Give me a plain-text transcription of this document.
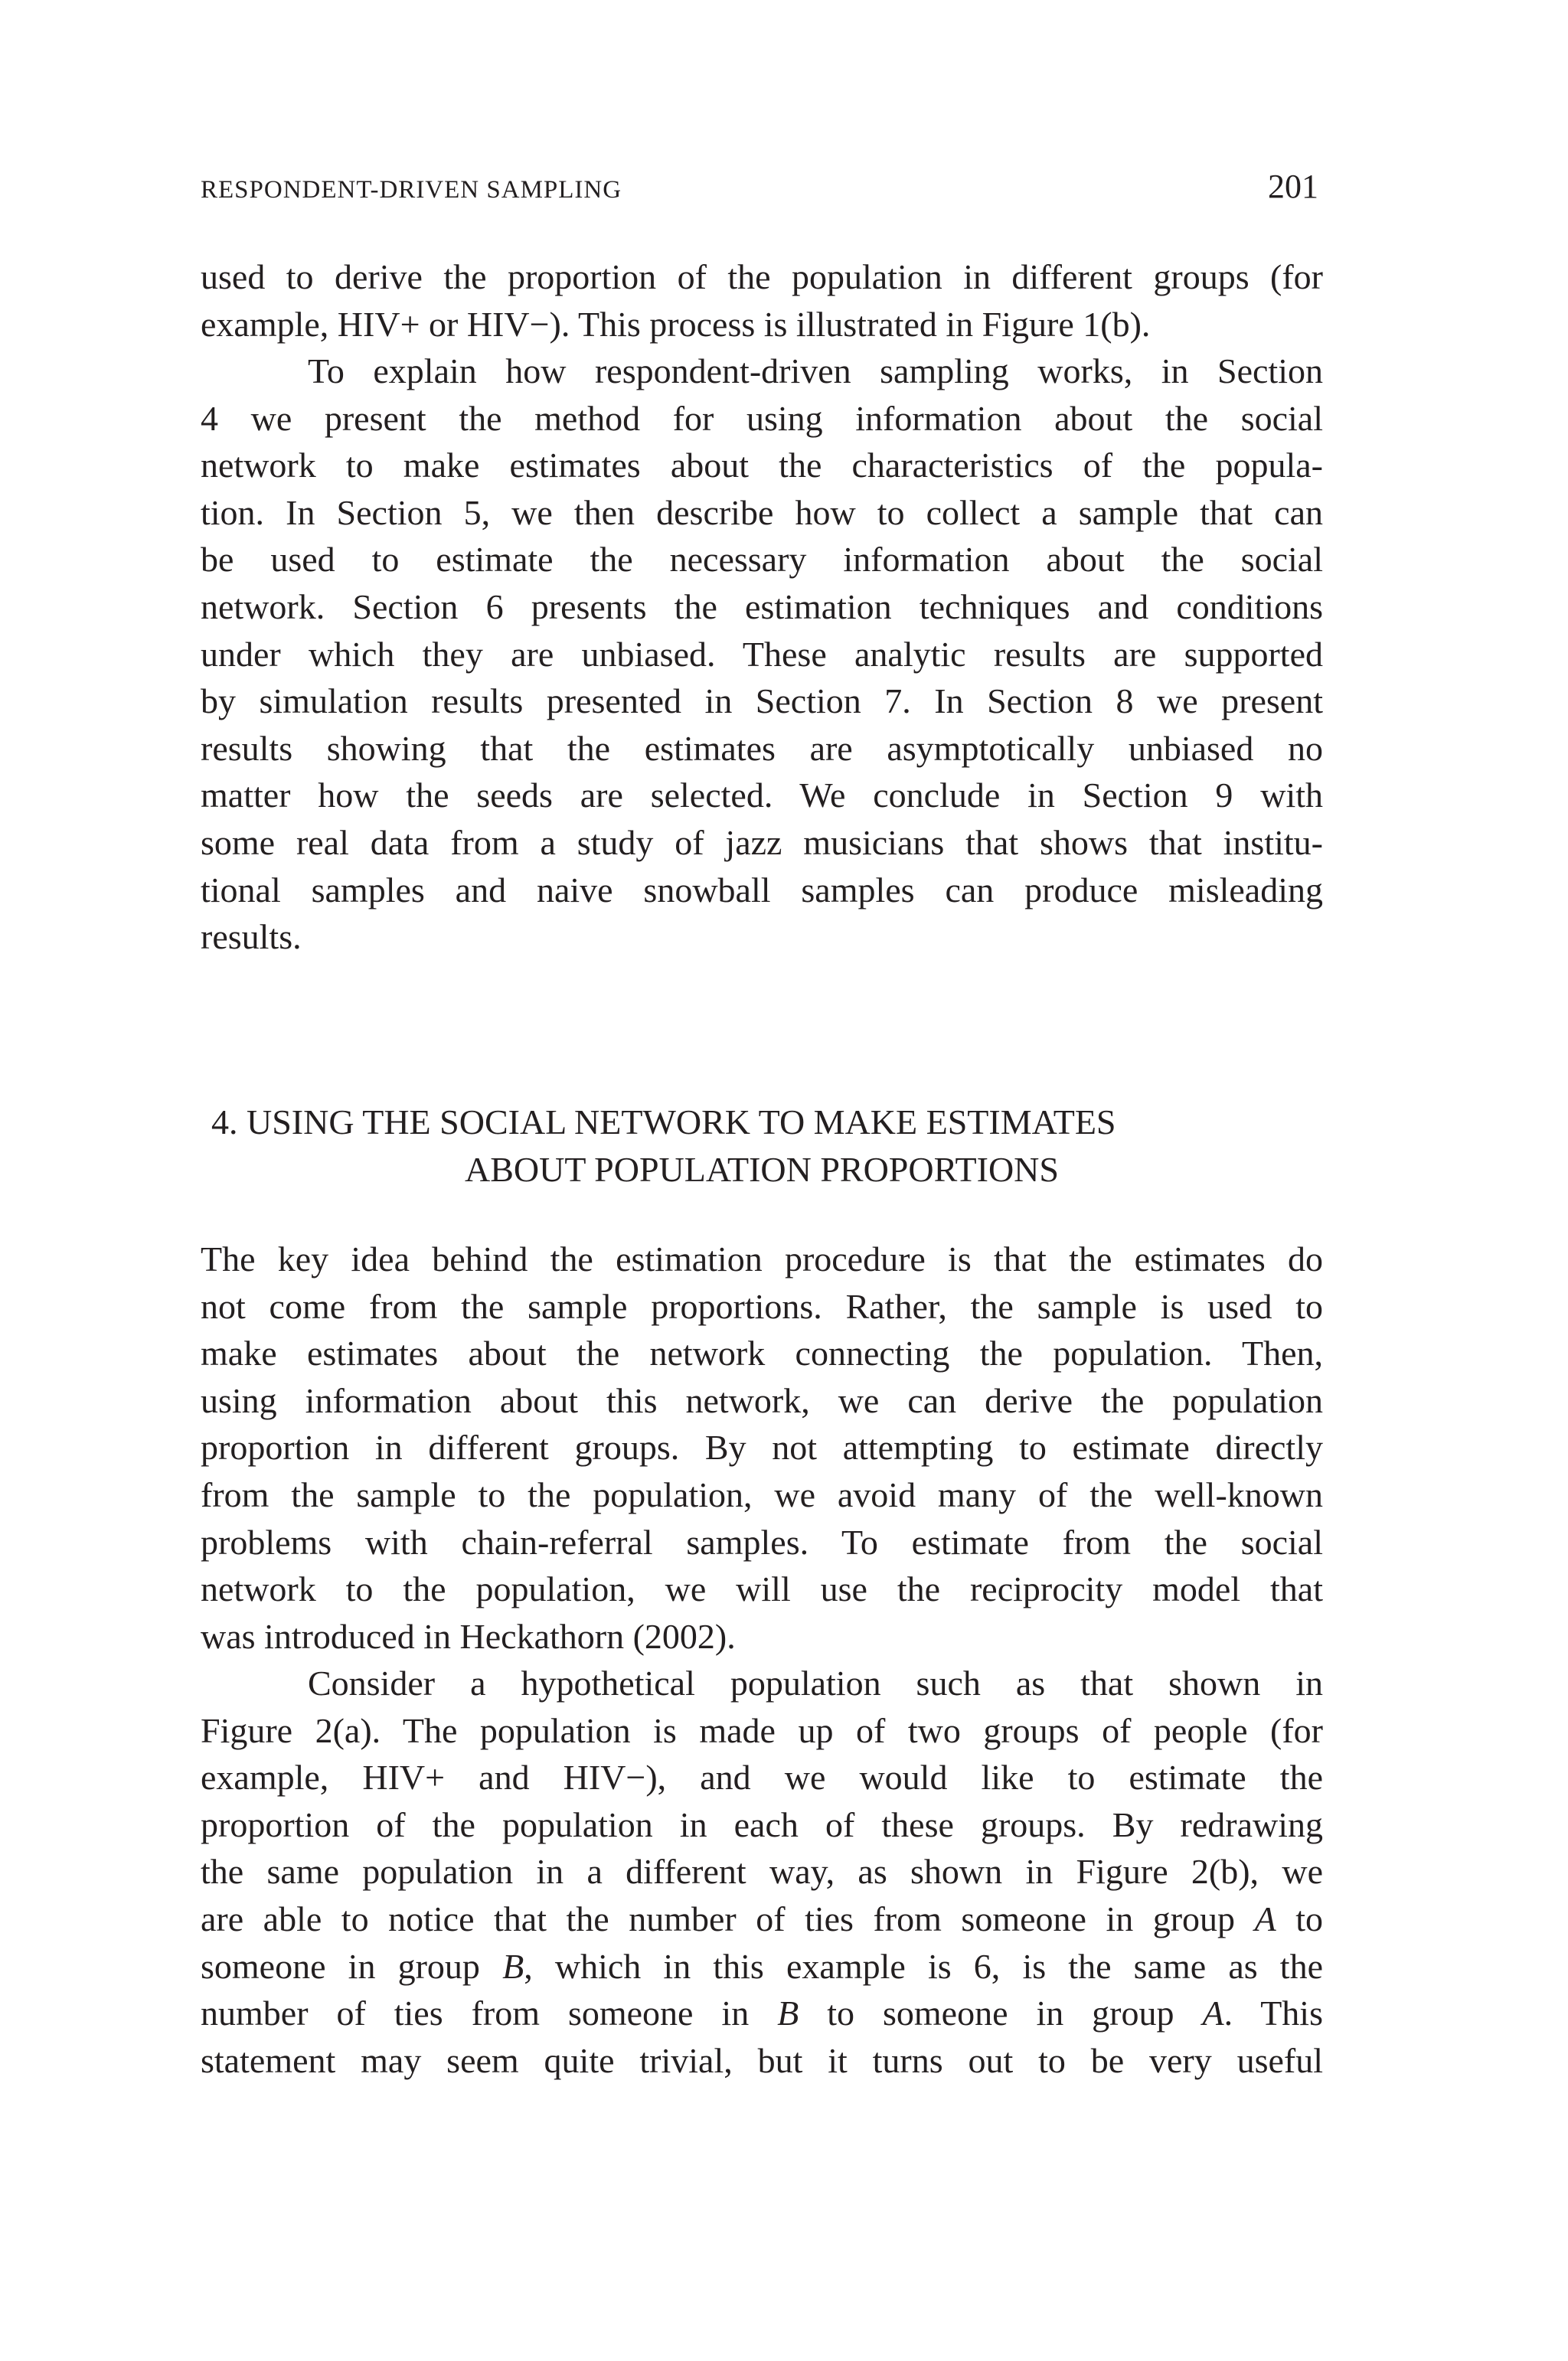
RESPONDENT-DRIVEN SAMPLING	201
used to derive the proportion of the population in different groups (for
example, HIV+ or HIV−). This process is illustrated in Figure 1(b).
To explain how respondent-driven sampling works, in Section
4 we present the method for using information about the social
network to make estimates about the characteristics of the popula-
tion. In Section 5, we then describe how to collect a sample that can
be used to estimate the necessary information about the social
network. Section 6 presents the estimation techniques and conditions
under which they are unbiased. These analytic results are supported
by simulation results presented in Section 7. In Section 8 we present
results showing that the estimates are asymptotically unbiased no
matter how the seeds are selected. We conclude in Section 9 with
some real data from a study of jazz musicians that shows that institu-
tional samples and naive snowball samples can produce misleading
results.
4. USING THE SOCIAL NETWORK TO MAKE ESTIMATES
ABOUT POPULATION PROPORTIONS
The key idea behind the estimation procedure is that the estimates do
not come from the sample proportions. Rather, the sample is used to
make estimates about the network connecting the population. Then,
using information about this network, we can derive the population
proportion in different groups. By not attempting to estimate directly
from the sample to the population, we avoid many of the well-known
problems with chain-referral samples. To estimate from the social
network to the population, we will use the reciprocity model that
was introduced in Heckathorn (2002).
Consider a hypothetical population such as that shown in
Figure 2(a). The population is made up of two groups of people (for
example, HIV+ and HIV−), and we would like to estimate the
proportion of the population in each of these groups. By redrawing
the same population in a different way, as shown in Figure 2(b), we
are able to notice that the number of ties from someone in group A to
someone in group B, which in this example is 6, is the same as the
number of ties from someone in B to someone in group A. This
statement may seem quite trivial, but it turns out to be very useful
